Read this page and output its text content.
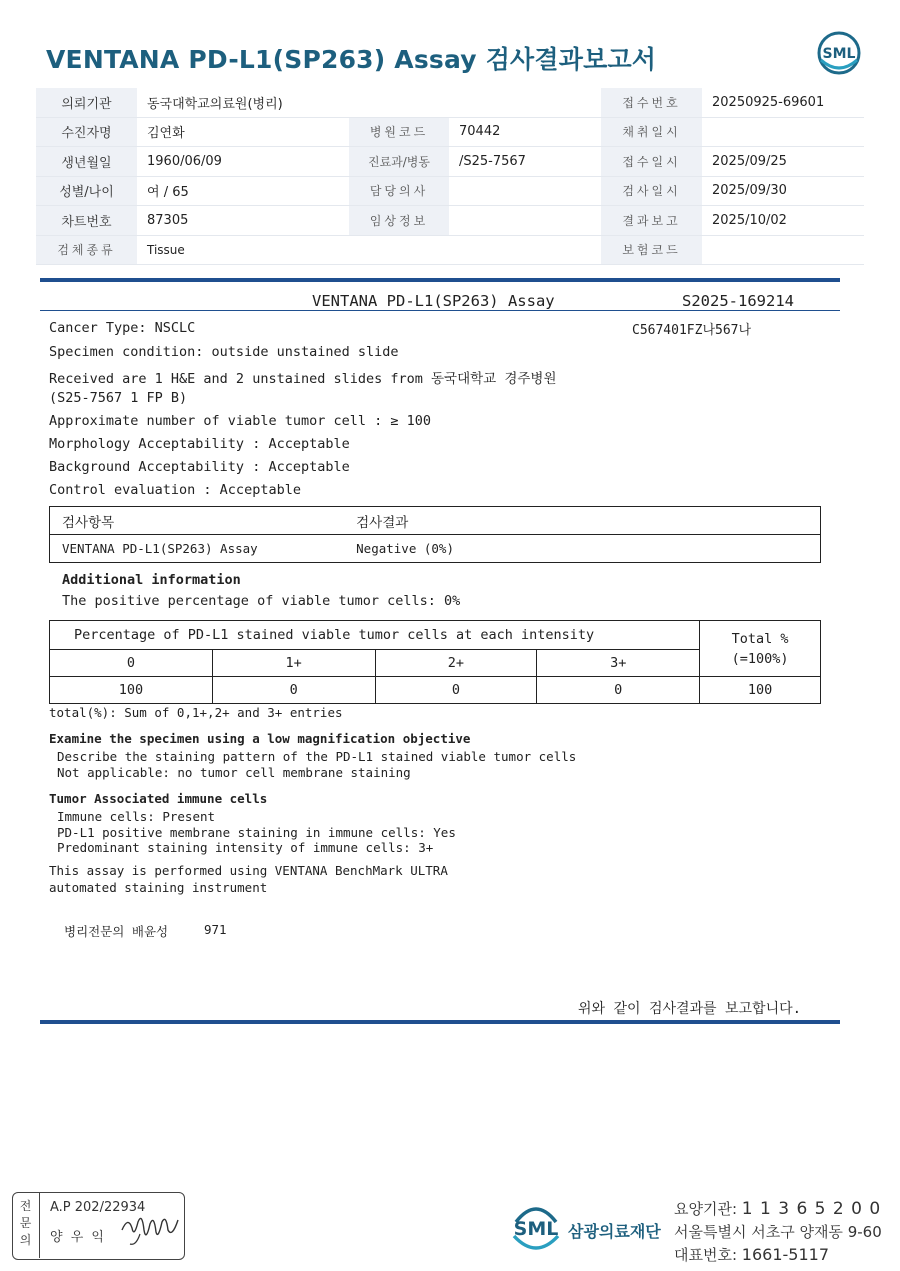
VENTANA PD-L1(SP263) Assay 검사결과보고서	SML
의뢰기관	동국대학교의료원(병리)			접수번호	20250925-69601
수진자명	김연화	병원코드	70442	채취일시	
생년월일	1960/06/09	진료과/병동	/S25-7567	접수일시	2025/09/25
성별/나이	여 / 65	담당의사		검사일시	2025/09/30
차트번호	87305	임상정보		결과보고	2025/10/02
검체종류	Tissue			보험코드	
VENTANA PD-L1(SP263) Assay	S2025-169214
C567401FZ나567나
Cancer Type: NSCLC
Specimen condition: outside unstained slide
Received are 1 H&E and 2 unstained slides from 동국대학교 경주병원
(S25-7567 1 FP B)
Approximate number of viable tumor cell : ≥ 100
Morphology Acceptability : Acceptable
Background Acceptability : Acceptable
Control evaluation : Acceptable
검사항목	검사결과
VENTANA PD-L1(SP263) Assay	Negative (0%)
Additional information
The positive percentage of viable tumor cells: 0%
Percentage of PD-L1 stained viable tumor cells at each intensity				Total %
(=100%)

0	1+	2+	3+	
100	0	0	0	100
total(%): Sum of 0,1+,2+ and 3+ entries
Examine the specimen using a low magnification objective
Describe the staining pattern of the PD-L1 stained viable tumor cells
Not applicable: no tumor cell membrane staining
Tumor Associated immune cells
Immune cells: Present
PD-L1 positive membrane staining in immune cells: Yes
Predominant staining intensity of immune cells: 3+
This assay is performed using VENTANA BenchMark ULTRA
automated staining instrument
병리전문의 배윤성	971
위와 같이 검사결과를 보고합니다.
전
문
의
A.P 202/22934
양 우 익	SML 삼광의료재단
요양기관: 1 1 3 6 5 2 0 0
서울특별시 서초구 양재동 9-60
대표번호: 1661-5117
